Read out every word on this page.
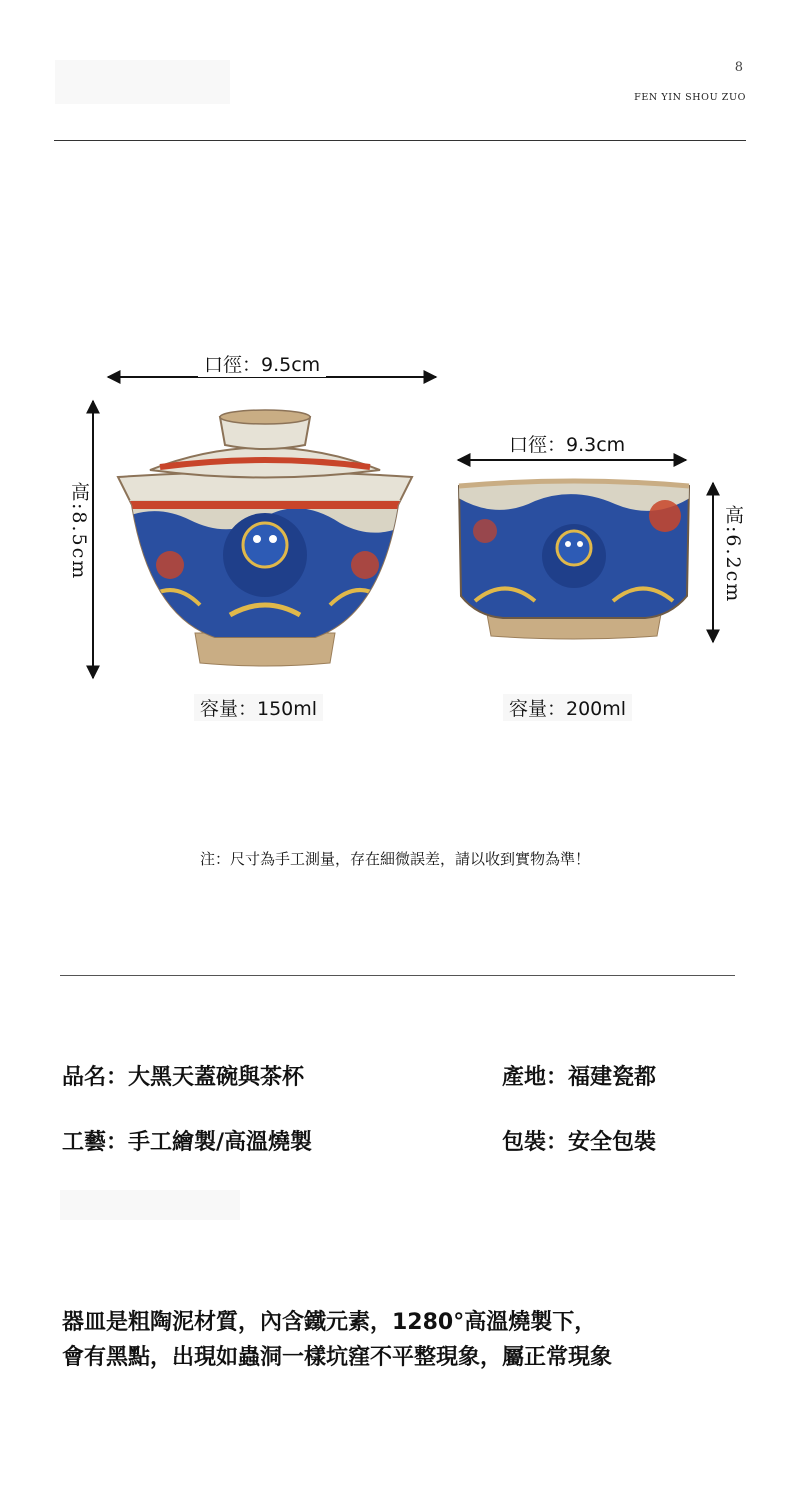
8
FEN YIN SHOU ZUO
口徑：9.5cm
高:8.5cm
容量：150ml
口徑：9.3cm
高:6.2cm
容量：200ml
注：尺寸為手工測量，存在細微誤差，請以收到實物為準！
品名：大黑天蓋碗與茶杯	產地：福建瓷都
工藝：手工繪製/高溫燒製	包裝：安全包裝
器皿是粗陶泥材質，內含鐵元素，1280°高溫燒製下，
會有黑點，出現如蟲洞一樣坑窪不平整現象，屬正常現象
